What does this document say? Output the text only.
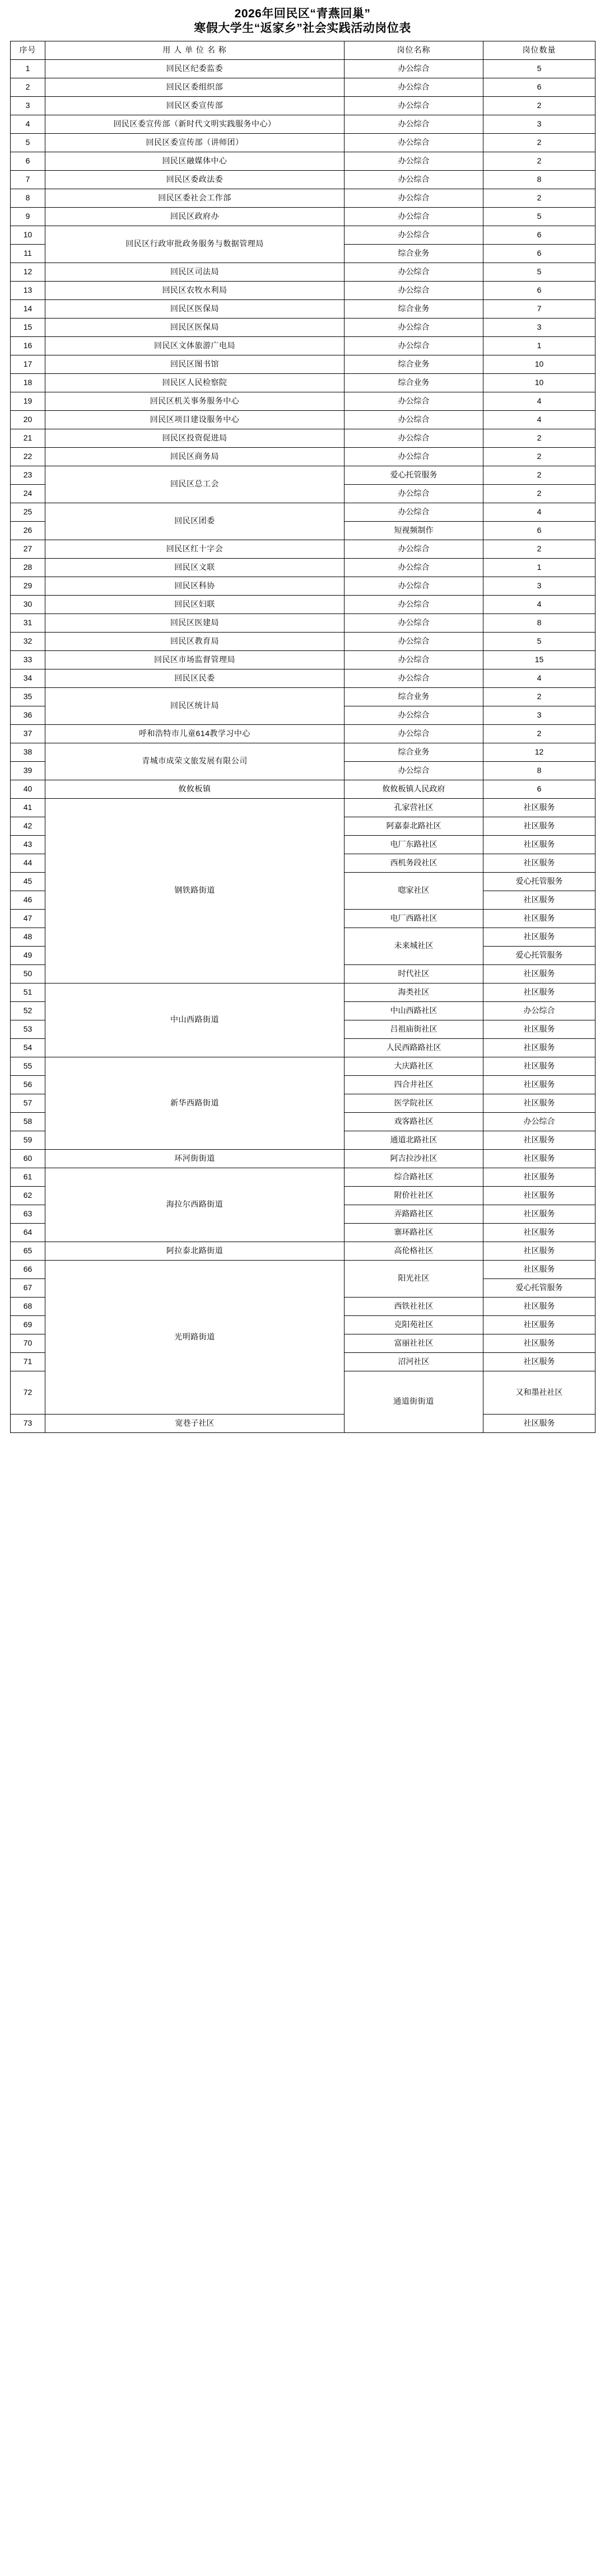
2026年回民区“青燕回巢”
寒假大学生“返家乡”社会实践活动岗位表
序号	用 人 单 位 名 称	岗位名称	岗位数量	
1	回民区纪委监委	办公综合	5	
2	回民区委组织部	办公综合	6	
3	回民区委宣传部	办公综合	2	
4	回民区委宣传部（新时代文明实践服务中心）	办公综合	3	
5	回民区委宣传部（讲师团）	办公综合	2	
6	回民区融媒体中心	办公综合	2	
7	回民区委政法委	办公综合	8	
8	回民区委社会工作部	办公综合	2	
9	回民区政府办	办公综合	5	
10	回民区行政审批政务服务与数据管理局	办公综合	6	
11		综合业务	6	
12	回民区司法局	办公综合	5	
13	回民区农牧水利局	办公综合	6	
14	回民区医保局	综合业务	7	
15	回民区医保局	办公综合	3	
16	回民区文体旅游广电局	办公综合	1	
17	回民区图书馆	综合业务	10	
18	回民区人民检察院	综合业务	10	
19	回民区机关事务服务中心	办公综合	4	
20	回民区项目建设服务中心	办公综合	4	
21	回民区投资促进局	办公综合	2	
22	回民区商务局	办公综合	2	
23	回民区总工会	爱心托管服务	2	
24		办公综合	2	
25	回民区团委	办公综合	4	
26		短视频制作	6	
27	回民区红十字会	办公综合	2	
28	回民区文联	办公综合	1	
29	回民区科协	办公综合	3	
30	回民区妇联	办公综合	4	
31	回民区医建局	办公综合	8	
32	回民区教育局	办公综合	5	
33	回民区市场监督管理局	办公综合	15	
34	回民区民委	办公综合	4	
35	回民区统计局	综合业务	2	
36		办公综合	3	
37	呼和浩特市儿童614教学习中心	办公综合	2	
38	青城市成荣文旅发展有限公司	综合业务	12	
39		办公综合	8	
40	攸攸板镇	攸攸板镇人民政府	6	
41	钢铁路街道	孔家营社区	社区服务	
42		阿嘉泰北路社区	社区服务	
43		电厂东路社区	社区服务	
44		西机务段社区	社区服务	
45		唿家社区	爱心托管服务	
46			社区服务	
47		电厂西路社区	社区服务	
48		未来城社区	社区服务	
49			爱心托管服务	
50		时代社区	社区服务	
51	中山西路街道	海类社区	社区服务	
52		中山西路社区	办公综合	
53		吕祖庙街社区	社区服务	
54		人民西路路社区	社区服务	
55	新华西路街道	大庆路社区	社区服务	
56		四合井社区	社区服务	
57		医学院社区	社区服务	
58		戏客路社区	办公综合	
59		通道北路社区	社区服务	
60	环河街街道	阿吉拉沙社区	社区服务	
61	海拉尔西路街道	综合路社区	社区服务	
62		附价社社区	社区服务	
63		弄路路社区	社区服务	
64		寨环路社区	社区服务	
65	阿拉泰北路街道	高伦格社区	社区服务	
66	光明路街道	阳光社区	社区服务	
67			爱心托管服务	
68		西铁社社区	社区服务	
69		克阳苑社区	社区服务	
70		富丽社社区	社区服务	
71		沼河社区	社区服务	
72		通道街街道	又和墨社社区		
73	宽巷子社区		社区服务	
